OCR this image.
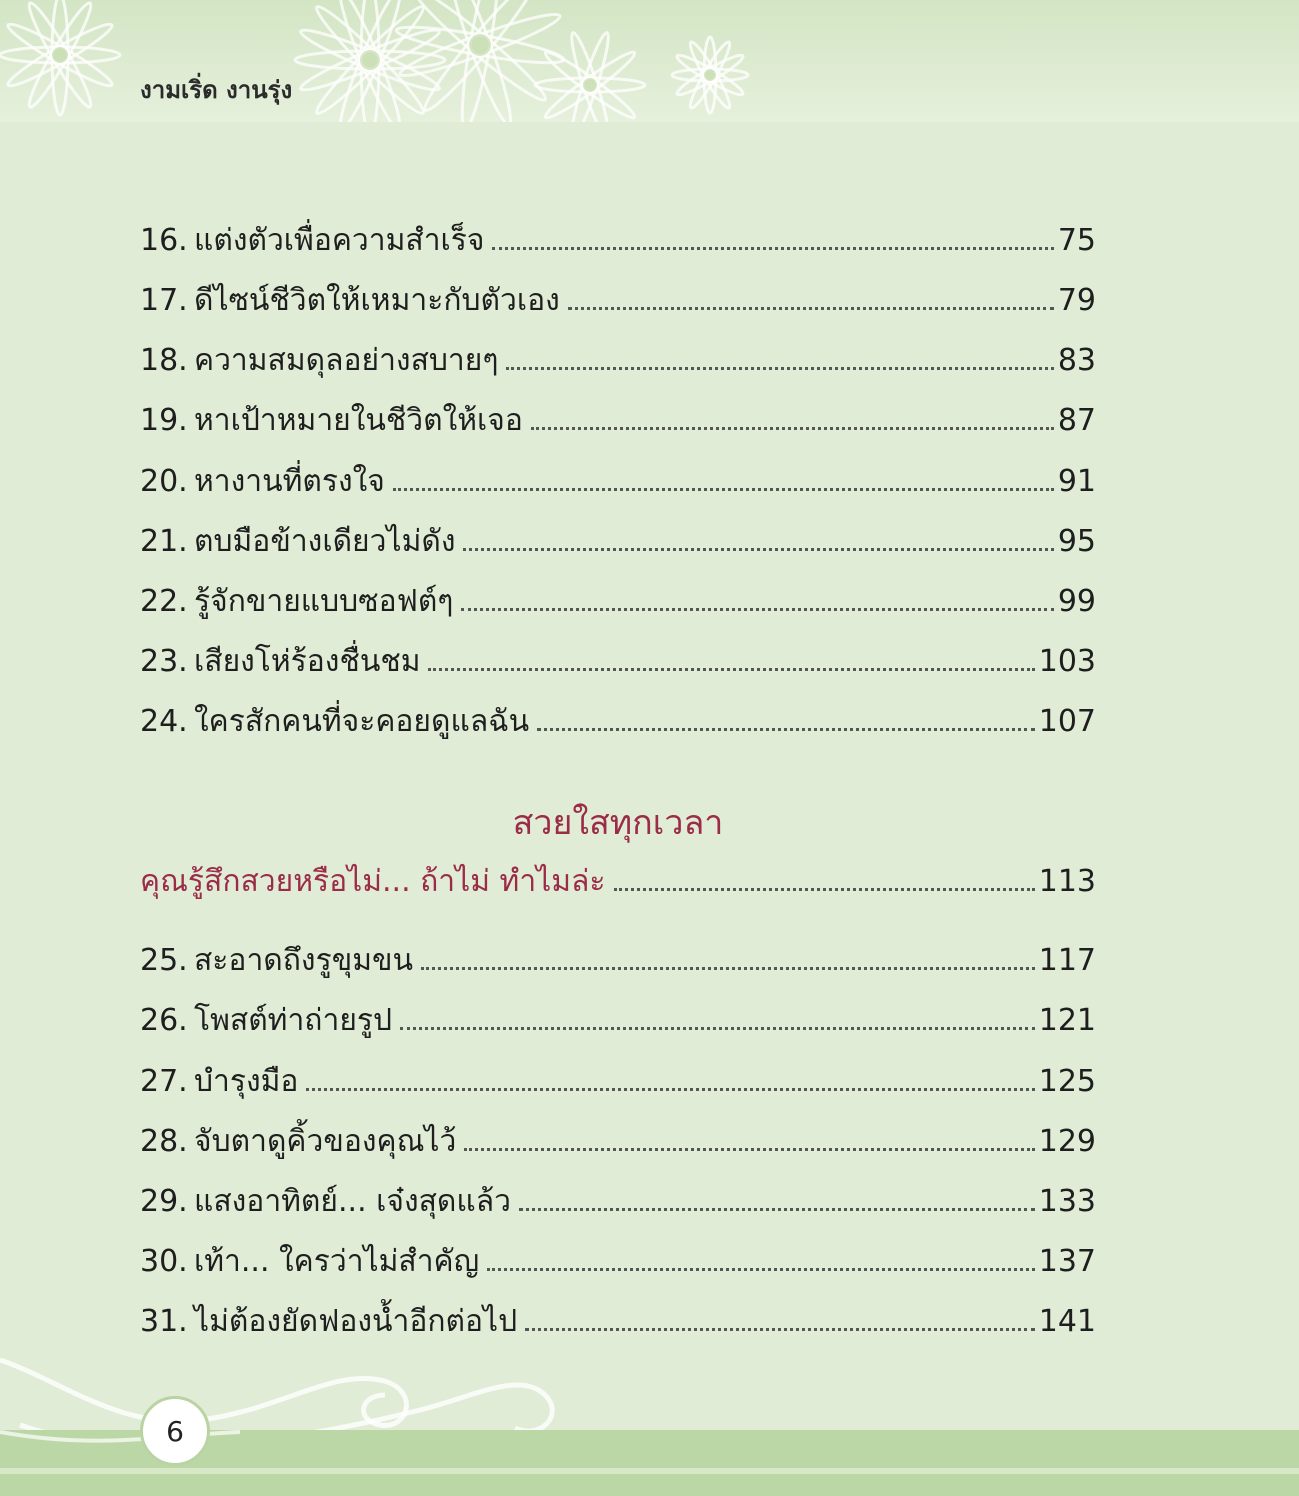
งามเริ่ด งานรุ่ง
16. แต่งตัวเพื่อความสำเร็จ	75
17. ดีไซน์ชีวิตให้เหมาะกับตัวเอง	79
18. ความสมดุลอย่างสบายๆ	83
19. หาเป้าหมายในชีวิตให้เจอ	87
20. หางานที่ตรงใจ	91
21. ตบมือข้างเดียวไม่ดัง	95
22. รู้จักขายแบบซอฟต์ๆ	99
23. เสียงโห่ร้องชื่นชม	103
24. ใครสักคนที่จะคอยดูแลฉัน	107
คุณรู้สึกสวยหรือไม่... ถ้าไม่ ทำไมล่ะ	113
25. สะอาดถึงรูขุมขน	117
26. โพสต์ท่าถ่ายรูป	121
27. บำรุงมือ	125
28. จับตาดูคิ้วของคุณไว้	129
29. แสงอาทิตย์... เจ๋งสุดแล้ว	133
30. เท้า... ใครว่าไม่สำคัญ	137
31. ไม่ต้องยัดฟองน้ำอีกต่อไป	141
สวยใสทุกเวลา
6
